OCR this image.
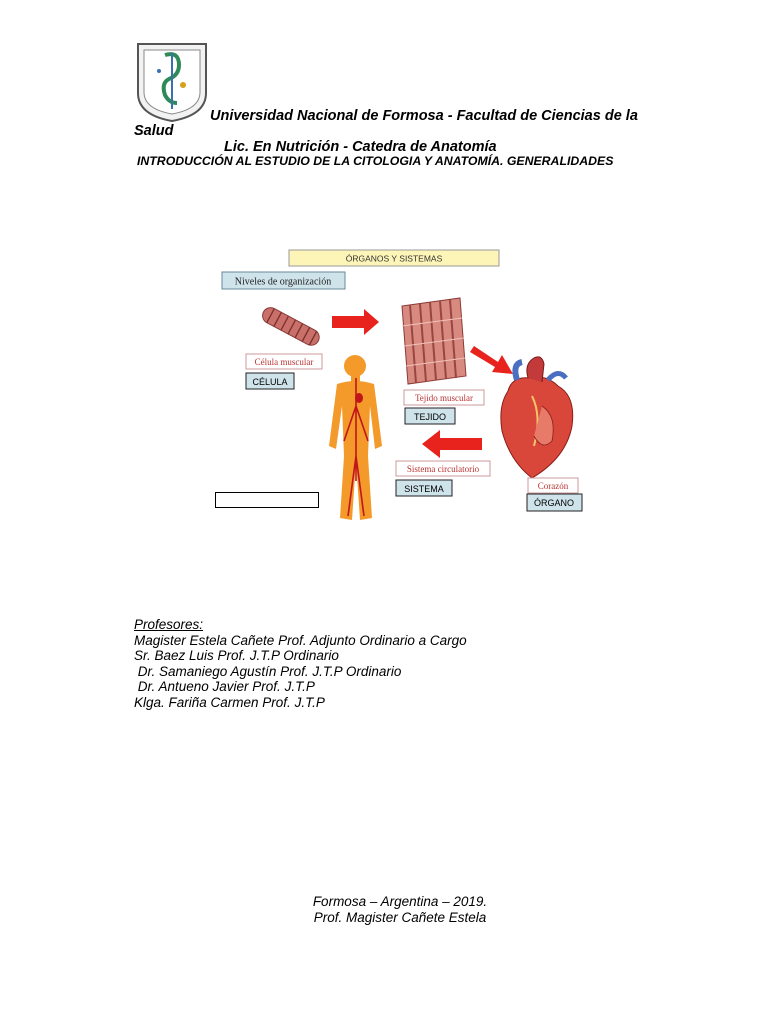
Universidad Nacional de Formosa - Facultad de Ciencias de la
Salud
Lic. En Nutrición - Catedra de Anatomía
INTRODUCCIÓN AL ESTUDIO DE LA CITOLOGIA Y ANATOMÍA. GENERALIDADES
ÓRGANOS Y SISTEMAS
Niveles de organización
Célula muscular
CÉLULA
Tejido muscular
TEJIDO
Sistema circulatorio
SISTEMA	Corazón
ÓRGANO
Profesores:
Magister Estela Cañete Prof. Adjunto Ordinario a Cargo
Sr. Baez Luis Prof. J.T.P Ordinario
Dr. Samaniego Agustín Prof. J.T.P Ordinario
Dr. Antueno Javier Prof. J.T.P
Klga. Fariña Carmen Prof. J.T.P
Formosa – Argentina – 2019.
Prof. Magister Cañete Estela
